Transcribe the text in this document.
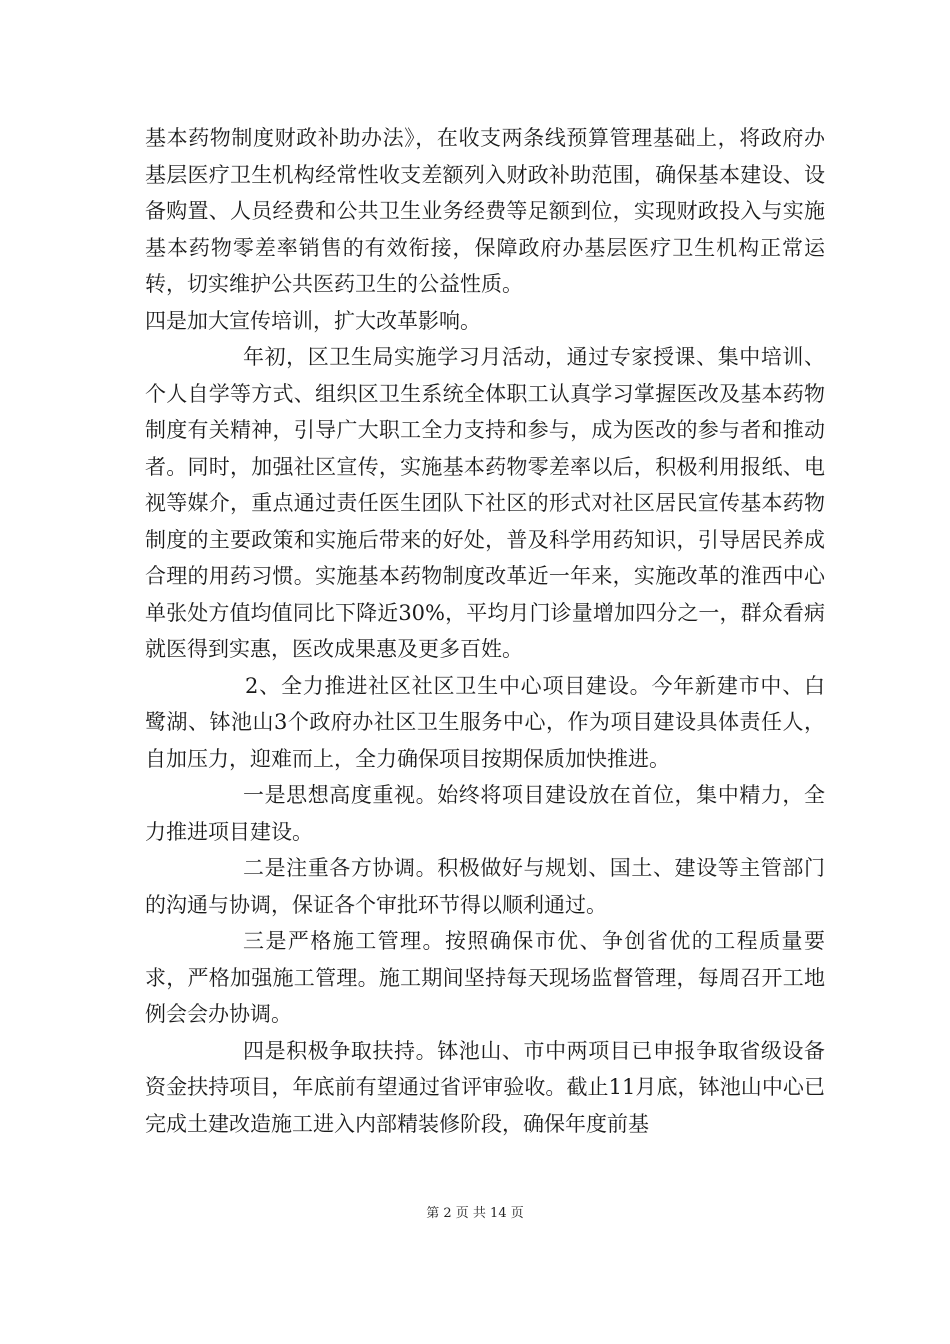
基本药物制度财政补助办法》，在收支两条线预算管理基础上，将政府办基层医疗卫生机构经常性收支差额列入财政补助范围，确保基本建设、设备购置、人员经费和公共卫生业务经费等足额到位，实现财政投入与实施基本药物零差率销售的有效衔接，保障政府办基层医疗卫生机构正常运转，切实维护公共医药卫生的公益性质。

四是加大宣传培训，扩大改革影响。

年初，区卫生局实施学习月活动，通过专家授课、集中培训、个人自学等方式、组织区卫生系统全体职工认真学习掌握医改及基本药物制度有关精神，引导广大职工全力支持和参与，成为医改的参与者和推动者。同时，加强社区宣传，实施基本药物零差率以后，积极利用报纸、电视等媒介，重点通过责任医生团队下社区的形式对社区居民宣传基本药物制度的主要政策和实施后带来的好处，普及科学用药知识，引导居民养成合理的用药习惯。实施基本药物制度改革近一年来，实施改革的淮西中心单张处方值均值同比下降近30%，平均月门诊量增加四分之一，群众看病就医得到实惠，医改成果惠及更多百姓。

2、全力推进社区社区卫生中心项目建设。今年新建市中、白鹭湖、钵池山3个政府办社区卫生服务中心，作为项目建设具体责任人，自加压力，迎难而上，全力确保项目按期保质加快推进。

一是思想高度重视。始终将项目建设放在首位，集中精力，全力推进项目建设。

二是注重各方协调。积极做好与规划、国土、建设等主管部门的沟通与协调，保证各个审批环节得以顺利通过。

三是严格施工管理。按照确保市优、争创省优的工程质量要求，严格加强施工管理。施工期间坚持每天现场监督管理，每周召开工地例会会办协调。

四是积极争取扶持。钵池山、市中两项目已申报争取省级设备资金扶持项目，年底前有望通过省评审验收。截止11月底，钵池山中心已完成土建改造施工进入内部精装修阶段，确保年度前基

第 2 页 共 14 页
